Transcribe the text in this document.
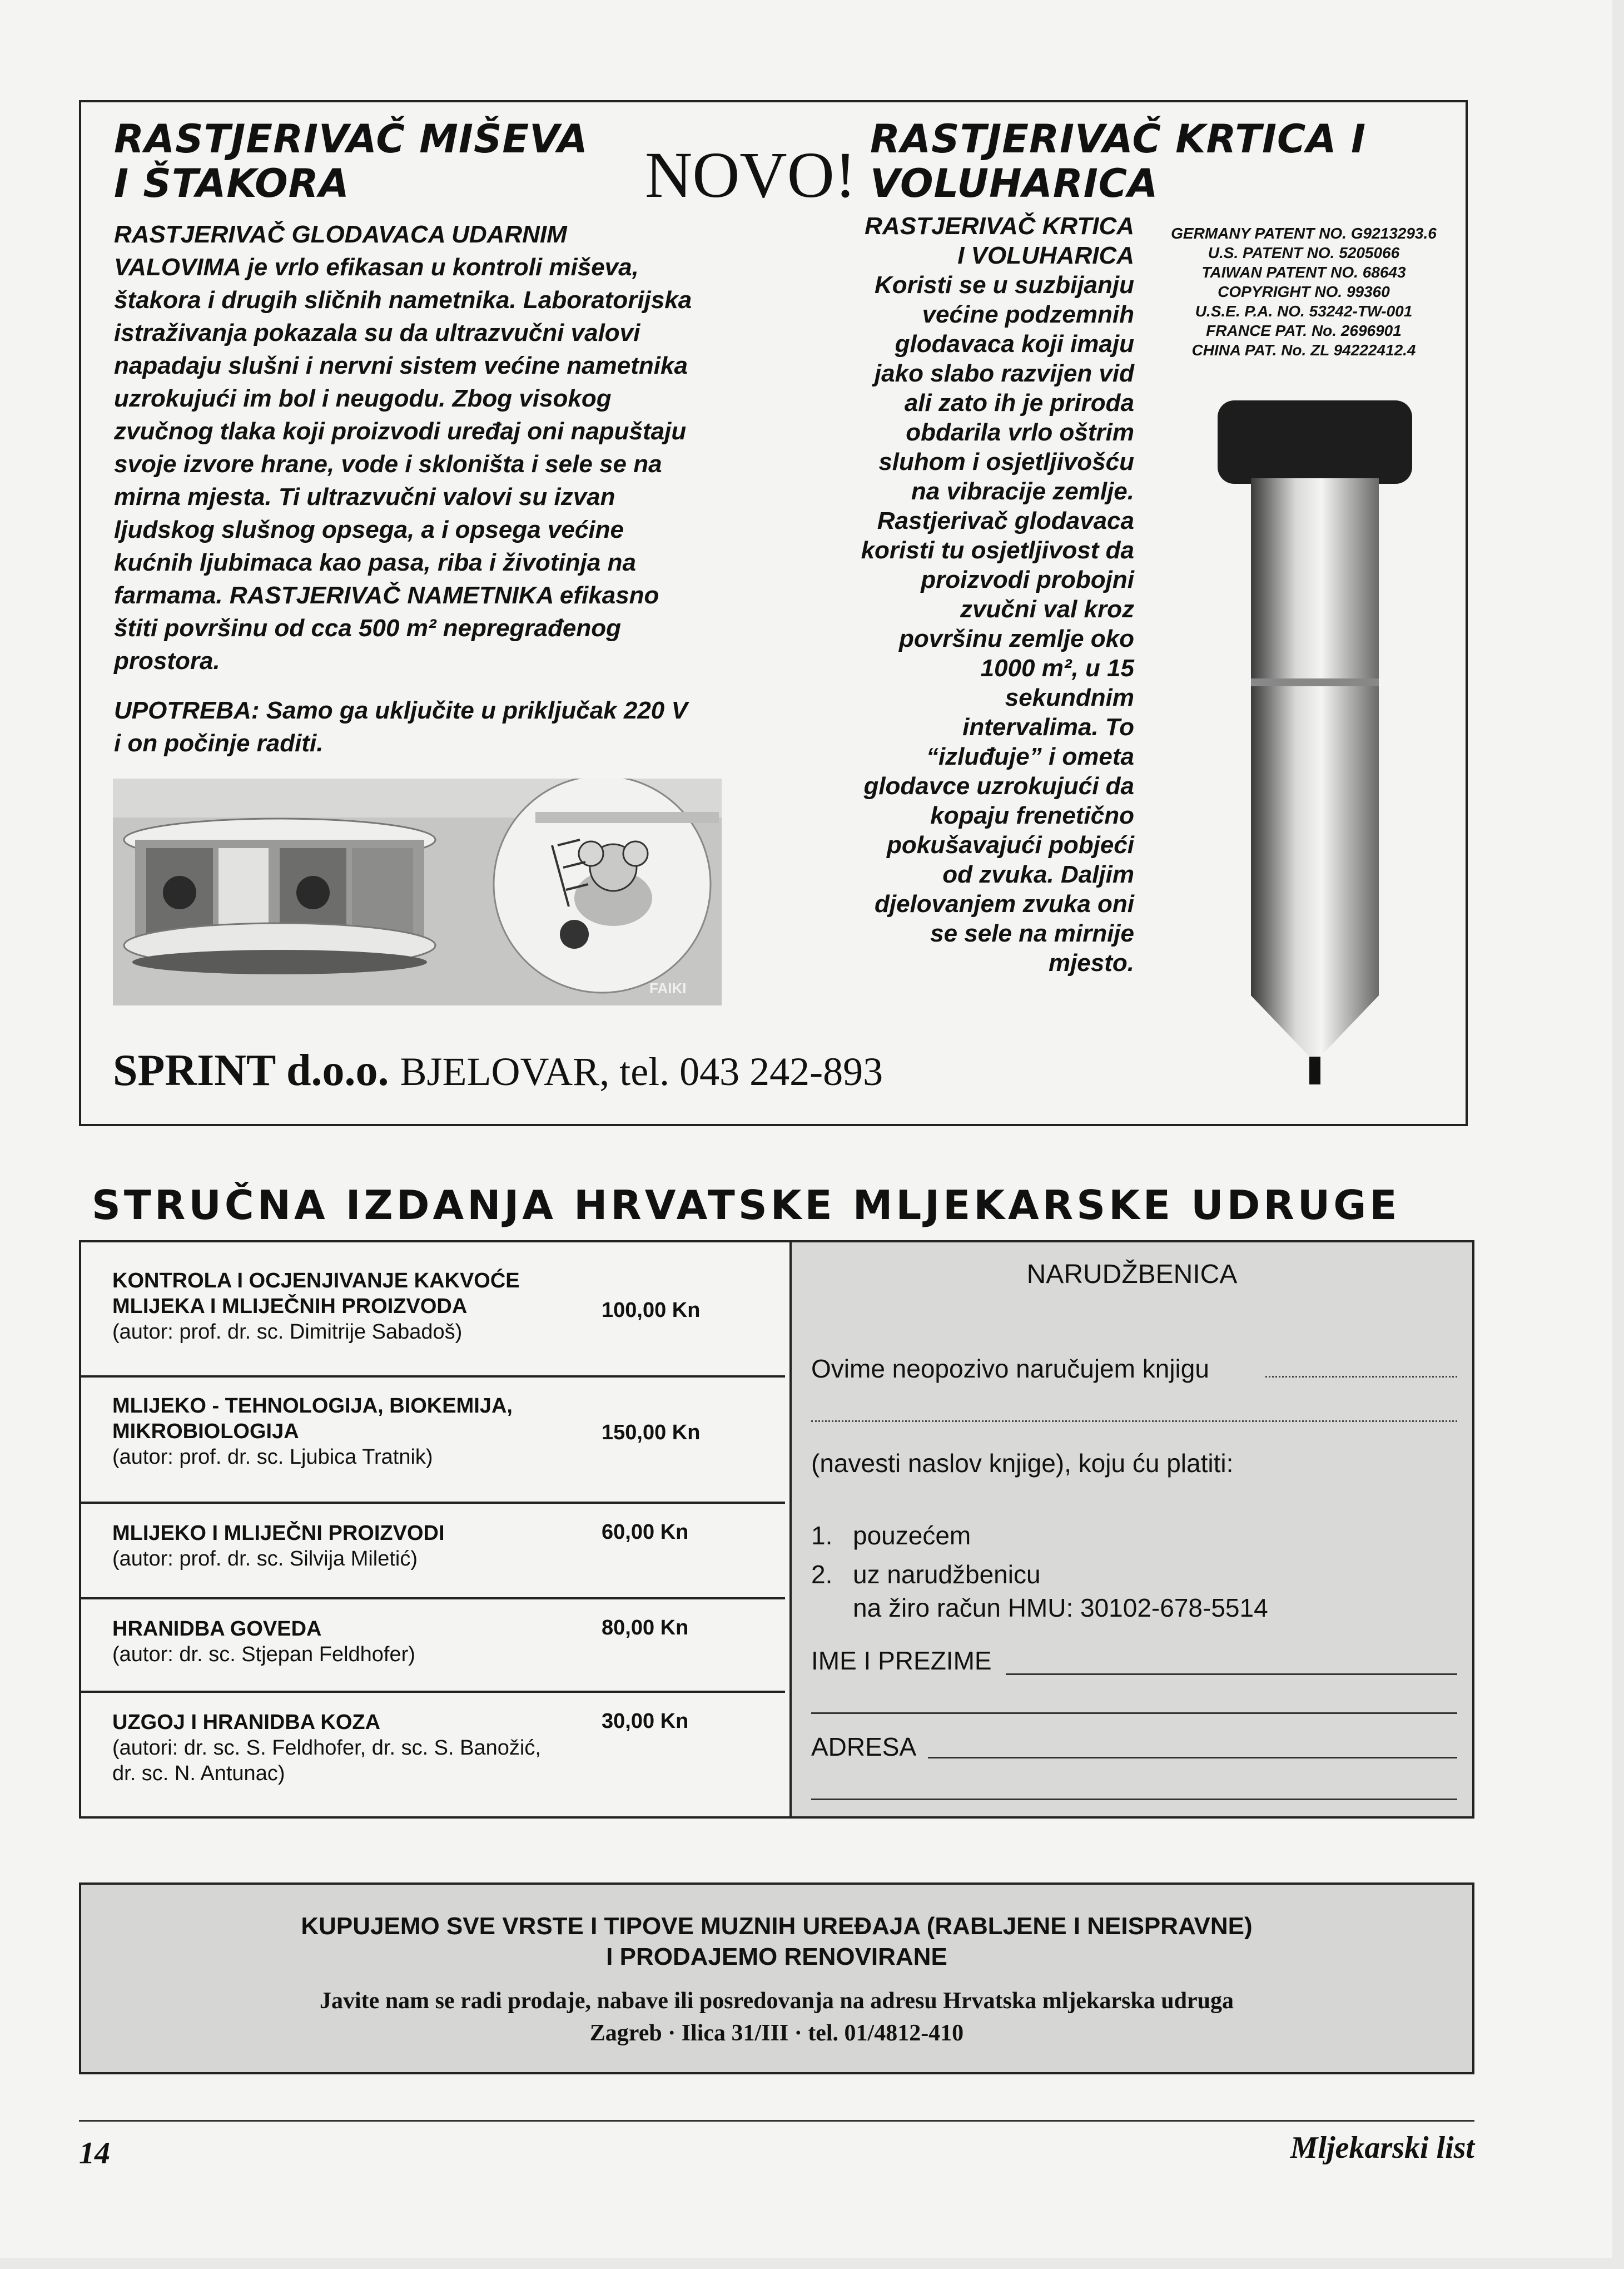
RASTJERIVAČ MIŠEVA
I ŠTAKORA	NOVO! RASTJERIVAČ KRTICA I
VOLUHARICA
RASTJERIVAČ GLODAVACA UDARNIM
VALOVIMA je vrlo efikasan u kontroli miševa,
štakora i drugih sličnih nametnika. Laboratorijska
istraživanja pokazala su da ultrazvučni valovi
napadaju slušni i nervni sistem većine nametnika
uzrokujući im bol i neugodu. Zbog visokog
zvučnog tlaka koji proizvodi uređaj oni napuštaju
svoje izvore hrane, vode i skloništa i sele se na
mirna mjesta. Ti ultrazvučni valovi su izvan
ljudskog slušnog opsega, a i opsega većine
kućnih ljubimaca kao pasa, riba i životinja na
farmama. RASTJERIVAČ NAMETNIKA efikasno
štiti površinu od cca 500 m² nepregrađenog
prostora.
UPOTREBA: Samo ga uključite u priključak 220 V
i on počinje raditi.
FAIKI
RASTJERIVAČ KRTICA
I VOLUHARICA
Koristi se u suzbijanju
većine podzemnih
glodavaca koji imaju
jako slabo razvijen vid
ali zato ih je priroda
obdarila vrlo oštrim
sluhom i osjetljivošću
na vibracije zemlje.
Rastjerivač glodavaca
koristi tu osjetljivost da
proizvodi probojni
zvučni val kroz
površinu zemlje oko
1000 m², u 15
sekundnim
intervalima. To
“izluđuje” i ometa
glodavce uzrokujući da
kopaju frenetično
pokušavajući pobjeći
od zvuka. Daljim
djelovanjem zvuka oni
se sele na mirnije
mjesto.
GERMANY PATENT NO. G9213293.6
U.S. PATENT NO. 5205066
TAIWAN PATENT NO. 68643
COPYRIGHT NO. 99360
U.S.E. P.A. NO. 53242-TW-001
FRANCE PAT. No. 2696901
CHINA PAT. No. ZL 94222412.4
SPRINT d.o.o. BJELOVAR, tel. 043 242-893
STRUČNA IZDANJA HRVATSKE MLJEKARSKE UDRUGE
KONTROLA I OCJENJIVANJE KAKVOĆE
MLIJEKA I MLIJEČNIH PROIZVODA
(autor: prof. dr. sc. Dimitrije Sabadoš)
100,00 Kn
MLIJEKO - TEHNOLOGIJA, BIOKEMIJA,
MIKROBIOLOGIJA
(autor: prof. dr. sc. Ljubica Tratnik)
150,00 Kn
MLIJEKO I MLIJEČNI PROIZVODI
(autor: prof. dr. sc. Silvija Miletić)
60,00 Kn
HRANIDBA GOVEDA
(autor: dr. sc. Stjepan Feldhofer)
80,00 Kn
UZGOJ I HRANIDBA KOZA
(autori: dr. sc. S. Feldhofer, dr. sc. S. Banožić,
dr. sc. N. Antunac)
30,00 Kn
NARUDŽBENICA
Ovime neopozivo naručujem knjigu
(navesti naslov knjige), koju ću platiti:
1. pouzećem
2. uz narudžbenicu
na žiro račun HMU: 30102-678-5514
IME I PREZIME
ADRESA
KUPUJEMO SVE VRSTE I TIPOVE MUZNIH UREĐAJA (RABLJENE I NEISPRAVNE)
I PRODAJEMO RENOVIRANE
Javite nam se radi prodaje, nabave ili posredovanja na adresu Hrvatska mljekarska udruga
Zagreb · Ilica 31/III · tel. 01/4812-410
14	Mljekarski list
